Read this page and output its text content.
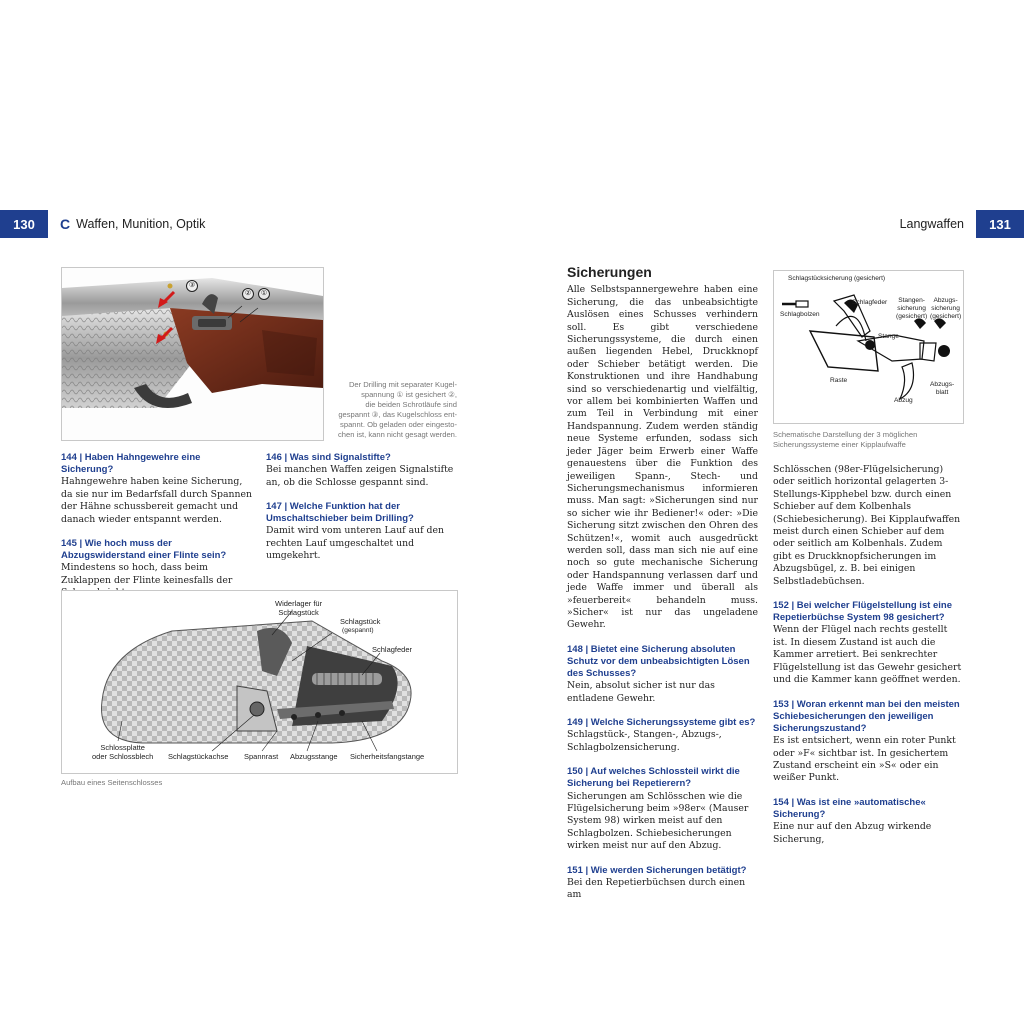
130 C Waffen, Munition, Optik
③
②	①
Der Drilling mit separater Kugel-
spannung ① ist gesichert ②,
die beiden Schrotläufe sind
gespannt ③, das Kugelschloss ent-
spannt. Ob geladen oder eingesto-
chen ist, kann nicht gesagt werden.

144 | Haben Hahngewehre eine Sicherung?

Hahngewehre haben keine Sicherung, da sie nur im Bedarfsfall durch Spannen der Hähne schussbereit gemacht und danach wieder entspannt werden.

145 | Wie hoch muss der Abzugswiderstand einer Flinte sein?

Mindestens so hoch, dass beim Zuklappen der Flinte keinesfalls der

146 | Was sind Signalstifte?

Bei manchen Waffen zeigen Signalstifte an, ob die Schlosse gespannt sind.

147 | Welche Funktion hat der Umschaltschieber beim Drilling?

Damit wird vom unteren Lauf auf den rechten Lauf umgeschaltet und umgekehrt.

Widerlager für
Schlagstück
Schlagstück
(gespannt)
Schlagfeder
Schlossplatte
oder Schlossblech Schlagstückachse Spannrast Abzugsstange Sicherheitsfangstange
Aufbau eines Seitenschlosses
Langwaffen 131
Sicherungen

Alle Selbstspannergewehre haben eine Sicherung, die das unbeabsichtigte Auslösen eines Schusses verhindern soll. Es gibt verschiedene Sicherungssysteme, die durch einen außen liegenden Hebel, Druckknopf oder Schieber betätigt werden. Die Konstruktionen und ihre Handhabung sind so verschiedenartig und vielfältig, vor allem bei kombinierten Waffen und zum Teil in Verbindung mit einer Handspannung. Zudem werden ständig neue Systeme erfunden, sodass sich jeder Jäger beim Erwerb einer Waffe genauestens über die Funktion des jeweiligen Spann-, Stech- und Sicherungsmechanismus informieren muss. Man sagt: »Sicherungen sind nur so sicher wie ihr Bediener!« oder: »Die Sicherung sitzt zwischen den Ohren des Schützen!«, womit auch ausgedrückt werden soll, dass man sich nie auf eine noch so gute mechanische Sicherung oder Handspannung verlassen darf und jede Waffe immer und überall als »feuerbereit« behandeln muss. »Sicher« ist nur das ungeladene Gewehr.

148 | Bietet eine Sicherung absoluten Schutz vor dem unbeabsichtigten Lösen des Schusses?

Nein, absolut sicher ist nur das entladene Gewehr.

149 | Welche Sicherungssysteme gibt es?

Schlagstück-, Stangen-, Abzugs-, Schlagbolzensicherung.

150 | Auf welches Schlossteil wirkt die Sicherung bei Repetierern?

Sicherungen am Schlösschen wie die Flügelsicherung beim »98er« (Mauser System 98) wirken meist auf den Schlagbolzen. Schiebesicherungen wirken meist nur auf den Abzug.

151 | Wie werden Sicherungen betätigt?

Bei den Repetierbüchsen durch einen am

Schlagstücksicherung (gesichert)
Schlagbolzen
Schlagfeder	Stangen-
sicherung
(gesichert)
Abzugs-
sicherung
(gesichert)
Stange
Raste
Abzugs-
blatt
Abzug
Schematische Darstellung der 3 möglichen
Sicherungssysteme einer Kipplaufwaffe

Schlösschen (98er-Flügelsicherung) oder seitlich horizontal gelagerten 3-Stellungs-Kipphebel bzw. durch einen Schieber auf dem Kolbenhals (Schiebesicherung). Bei Kipplaufwaffen meist durch einen Schieber auf dem oder seitlich am Kolbenhals. Zudem gibt es Druckknopfsicherungen im Abzugsbügel, z. B. bei einigen Selbstladebüchsen.

152 | Bei welcher Flügelstellung ist eine Repetierbüchse System 98 gesichert?

Wenn der Flügel nach rechts gestellt ist. In diesem Zustand ist auch die Kammer arretiert. Bei senkrechter Flügelstellung ist das Gewehr gesichert und die Kammer kann geöffnet werden.

153 | Woran erkennt man bei den meisten Schiebesicherungen den jeweiligen Sicherungszustand?

Es ist entsichert, wenn ein roter Punkt oder »F« sichtbar ist. In gesichertem Zustand erscheint ein »S« oder ein weißer Punkt.

154 | Was ist eine »automatische« Sicherung?

Eine nur auf den Abzug wirkende Sicherung,
